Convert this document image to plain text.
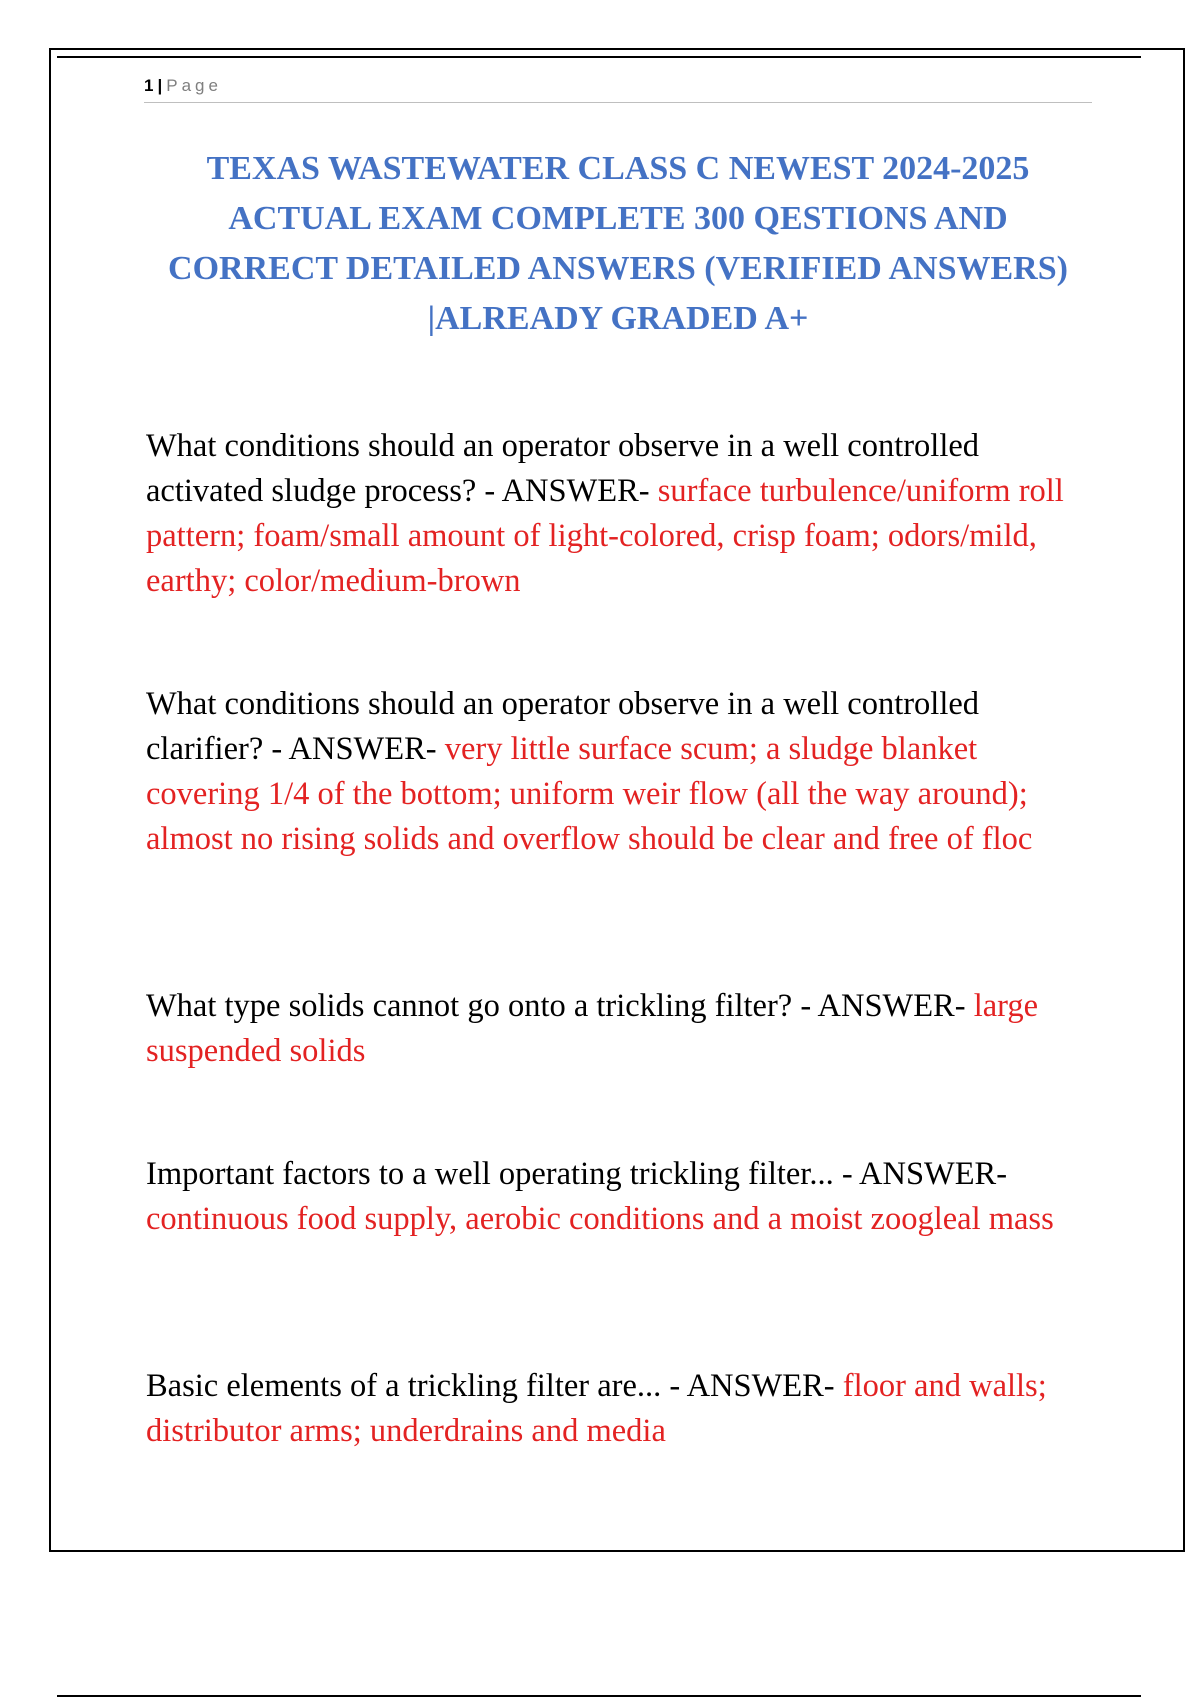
1 | Page
TEXAS WASTEWATER CLASS C NEWEST 2024-2025 ACTUAL EXAM COMPLETE 300 QESTIONS AND CORRECT DETAILED ANSWERS (VERIFIED ANSWERS) |ALREADY GRADED A+

What conditions should an operator observe in a well controlled activated sludge process? - ANSWER- surface turbulence/uniform roll pattern; foam/small amount of light-colored, crisp foam; odors/mild, earthy; color/medium-brown

What conditions should an operator observe in a well controlled clarifier? - ANSWER- very little surface scum; a sludge blanket covering 1/4 of the bottom; uniform weir flow (all the way around); almost no rising solids and overflow should be clear and free of floc

What type solids cannot go onto a trickling filter? - ANSWER- large suspended solids

Important factors to a well operating trickling filter... - ANSWER- continuous food supply, aerobic conditions and a moist zoogleal mass

Basic elements of a trickling filter are... - ANSWER- floor and walls; distributor arms; underdrains and media
